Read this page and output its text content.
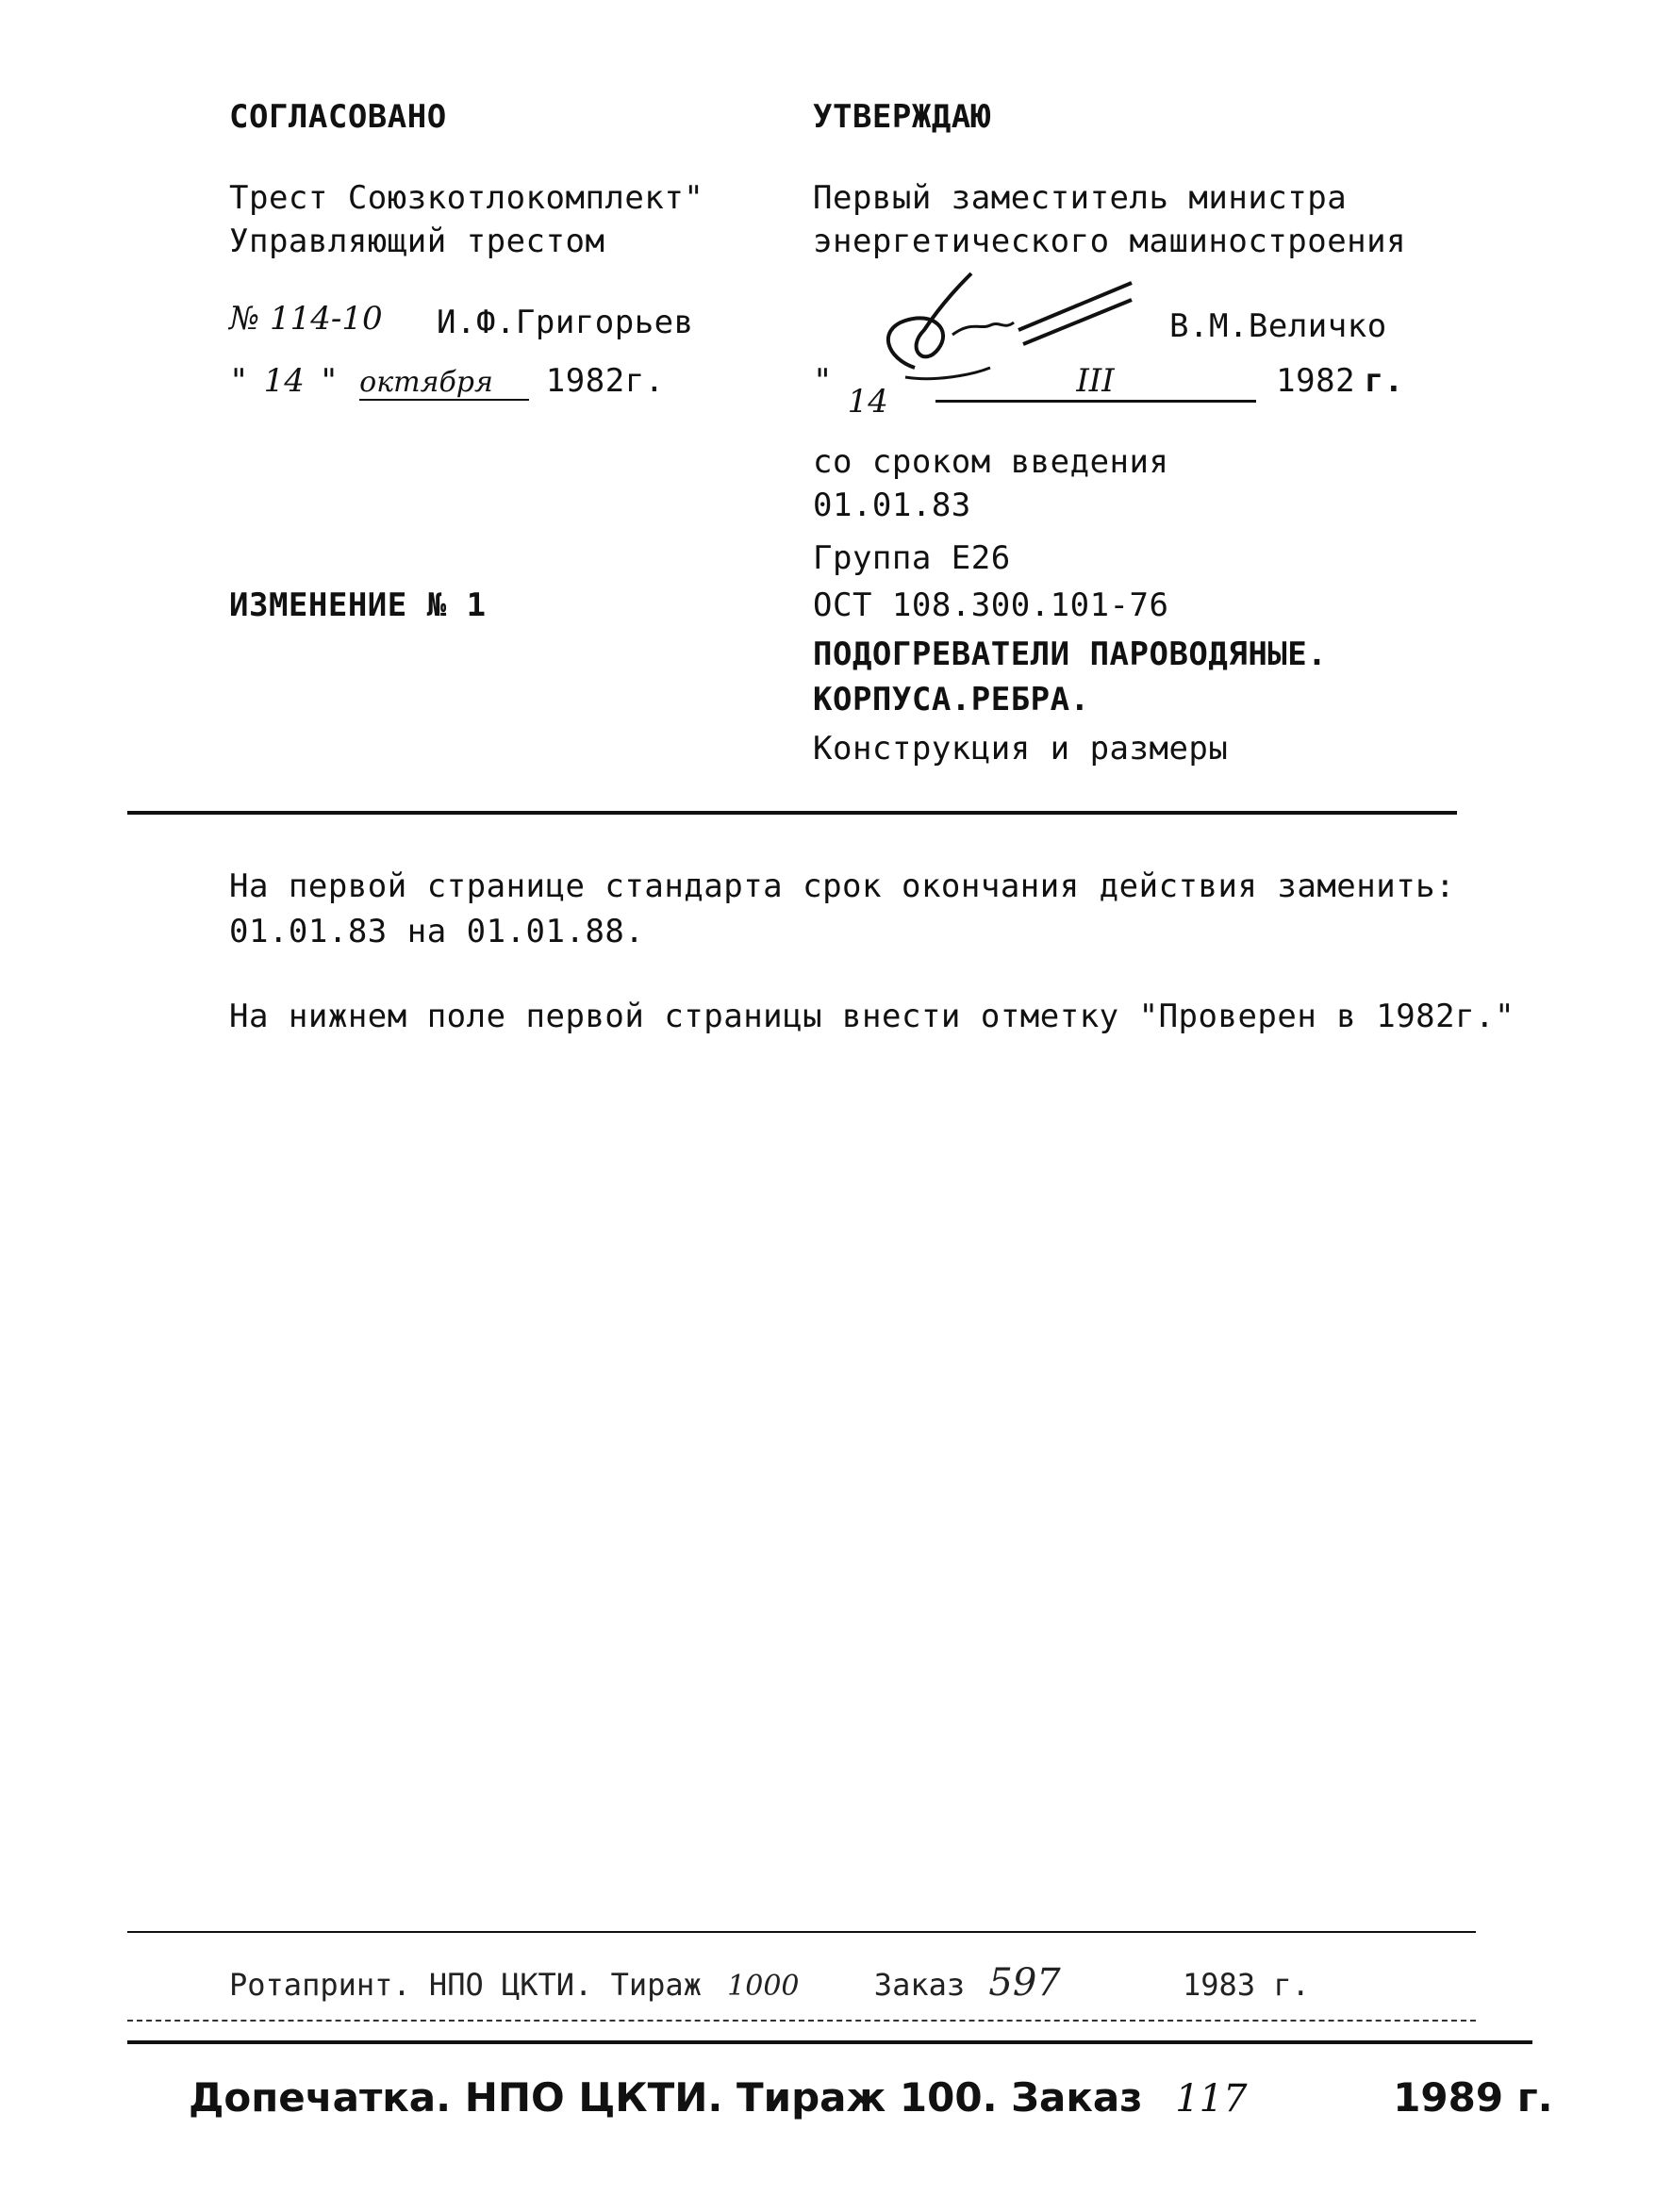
СОГЛАСОВАНО
Трест Союзкотлокомплект"
Управляющий трестом
№ 114-10 И.Ф.Григорьев
" 14 " октября 1982г.
ИЗМЕНЕНИЕ № 1
УТВЕРЖДАЮ
Первый заместитель министра
энергетического машиностроения
В.М.Величко
" 14 III	1982 г.
со сроком введения
01.01.83
Группа Е26
ОСТ 108.300.101-76
ПОДОГРЕВАТЕЛИ ПАРОВОДЯНЫЕ.
КОРПУСА.РЕБРА.
Конструкция и размеры
На первой странице стандарта срок окончания действия заменить:
01.01.83 на 01.01.88.
На нижнем поле первой страницы внести отметку "Проверен в 1982г."
Ротапринт. НПО ЦКТИ. Тираж 1000 Заказ 597	1983 г.
Допечатка. НПО ЦКТИ. Тираж 100. Заказ 117	1989 г.
